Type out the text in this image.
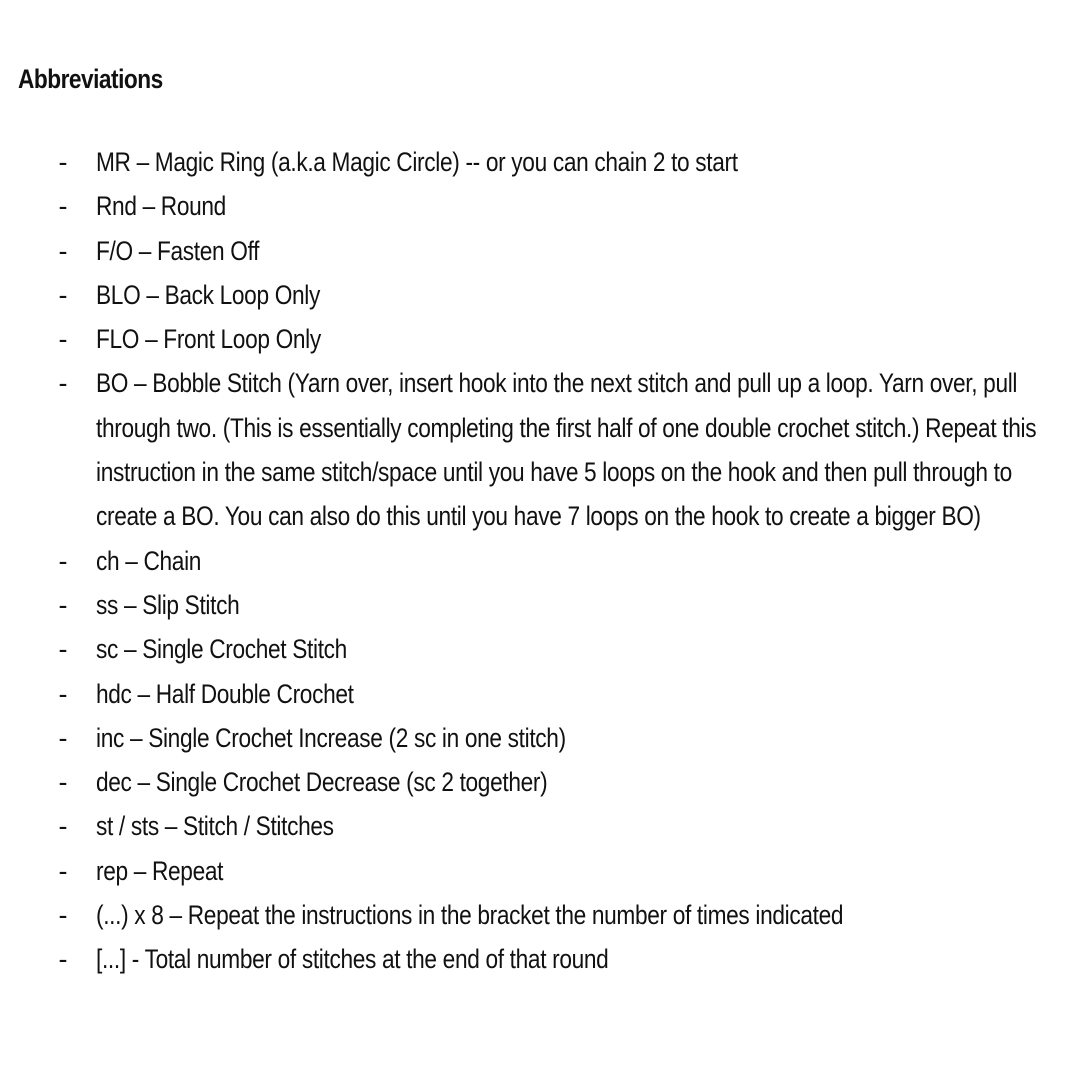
Abbreviations
- MR – Magic Ring (a.k.a Magic Circle) -- or you can chain 2 to start
- Rnd – Round
- F/O – Fasten Off
- BLO – Back Loop Only
- FLO – Front Loop Only
- BO – Bobble Stitch (Yarn over, insert hook into the next stitch and pull up a loop. Yarn over, pull through two. (This is essentially completing the first half of one double crochet stitch.) Repeat this instruction in the same stitch/space until you have 5 loops on the hook and then pull through to create a BO. You can also do this until you have 7 loops on the hook to create a bigger BO)
- ch – Chain
- ss – Slip Stitch
- sc – Single Crochet Stitch
- hdc – Half Double Crochet
- inc – Single Crochet Increase (2 sc in one stitch)
- dec – Single Crochet Decrease (sc 2 together)
- st / sts – Stitch / Stitches
- rep – Repeat
- (...) x 8 – Repeat the instructions in the bracket the number of times indicated
- [...] - Total number of stitches at the end of that round
